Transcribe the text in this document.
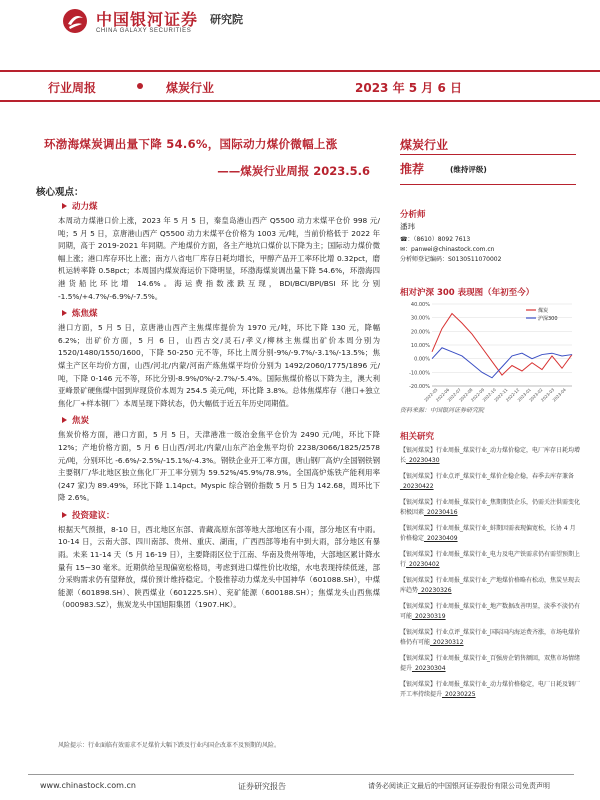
中国银河证券 研究院
CHINA GALAXY SECURITIES
行业周报	煤炭行业	2023 年 5 月 6 日
环渤海煤炭调出量下降 54.6%，国际动力煤价微幅上涨
——煤炭行业周报 2023.5.6
核心观点：
动力煤
本周动力煤港口价上涨，2023 年 5 月 5 日，秦皇岛港山西产 Q5500 动力末煤平仓价 998 元/吨；5 月 5 日，京唐港山西产 Q5500 动力末煤平仓价格为 1003 元/吨，当前价格低于 2022 年同期，高于 2019-2021 年同期。产地煤价方面，各主产地坑口煤价以下降为主；国际动力煤价微幅上涨；港口库存环比上涨；南方八省电厂库存日耗均增长，甲醇产品开工率环比增 0.32pct，磨机运转率降 0.58pct；本周国内煤炭海运价下降明显，环渤海煤炭调出量下降 54.6%，环渤海四港货船比环比增 14.6%。海运费指数涨跌互现，BDI/BCI/BPI/BSI 环比分别 -1.5%/+4.7%/-6.9%/-7.5%。
炼焦煤
港口方面，5 月 5 日，京唐港山西产主焦煤库提价为 1970 元/吨，环比下降 130 元，降幅 6.2%；出矿价方面，5 月 6 日，山西古交/灵石/孝义/柳林主焦煤出矿价本周分别为 1520/1480/1550/1600，下降 50-250 元不等，环比上周分别-9%/-9.7%/-3.1%/-13.5%；焦煤主产区年均价方面，山西/河北/内蒙/河南产炼焦煤平均价分别为 1492/2060/1775/1896 元/吨，下降 0-146 元不等，环比分别-8.9%/0%/-2.7%/-5.4%。国际焦煤价格以下降为主，澳大利亚峰景矿硬焦煤中国到岸现货价本周为 254.5 美元/吨，环比降 3.8%。总体焦煤库存（港口+独立焦化厂+样本钢厂）本周呈现下降状态，仍大幅低于近五年历史同期值。
焦炭
焦炭价格方面，港口方面，5 月 5 日，天津港准一级冶金焦平仓价为 2490 元/吨，环比下降 12%；产地价格方面，5 月 6 日山西/河北/内蒙/山东产冶金焦平均价 2238/3066/1825/2578 元/吨，分别环比 -6.6%/-2.5%/-15.1%/-4.3%。钢铁企业开工率方面，唐山钢厂高炉/全国钢铁钢主要钢厂/华北地区独立焦化厂开工率分别为 59.52%/45.9%/78.9%。全国高炉炼铁产能利用率(247 家)为 89.49%，环比下降 1.14pct。Myspic 综合钢价指数 5 月 5 日为 142.68，周环比下降 2.6%。
投资建议：
根据天气预报，8-10 日，西北地区东部、青藏高原东部等地大部地区有小雨，部分地区有中雨。10-14 日，云南大部、四川南部、贵州、重庆、湖南，广西西部等地有中到大雨，部分地区有暴雨。未来 11-14 天（5 月 16-19 日），主要降雨区位于江南、华南及贵州等地，大部地区累计降水量有 15~30 毫米。近期供给呈现偏宽松格局，考虑到进口煤性价比收缩，水电表现持续低迷，部分采购需求仍有望释放，煤价预计维持稳定。个股推荐动力煤龙头中国神华（601088.SH），中煤能源（601898.SH）、陕西煤业（601225.SH）、兖矿能源（600188.SH）；焦煤龙头山西焦煤（000983.SZ），焦炭龙头中国旭阳集团（1907.HK）。
风险提示：行业面临有效需求不足煤价大幅下跌及行业内国企改革不及预期的风险。
煤炭行业
推荐	(维持评级)
分析师
潘玮
☎：（8610）8092 7613
✉：panwei@chinastock.com.cn
分析师登记编码：S0130511070002
相对沪深 300 表现图（年初至今）
40.00%
30.00%
20.00%
10.00%
0.00%
-10.00%
-20.00%
2022-05
2022-06
2022-07
2022-08
2022-09
2022-10
2022-11
2022-12
2023-01
2023-02
2023-03
2023-04
煤炭
沪深300
资料来源：中国银河证券研究院
相关研究
【银河煤炭】行业周报_煤炭行业_动力煤价稳定，电厂库存日耗均增长_20230430
【银河煤炭】行业点评_煤炭行业_煤价企稳企稳，春季去库存兼备_20230422
【银河煤炭】行业周报_煤炭行业_焦期期货企乐，仍需关注供需变化积极因素_20230416
【银河煤炭】行业周报_煤炭行业_蚌期因需表现偏宽松，长协 4 月价格稳定_20230409
【银河煤炭】行业周报_煤炭行业_电力及电产铁需求仍有需望预期上行_20230402
【银河煤炭】行业周报_煤炭行业_产地煤价格略有松动，焦炭呈现去库趋势_20230326
【银河煤炭】行业周报_煤炭行业_地产数据改善明显，淡季不淡仍有可能_20230319
【银河煤炭】行业点评_煤炭行业_国际国内海运费齐涨，市场电煤价格仍有可能_20230312
【银河煤炭】行业周报_煤炭行业_百强房企销售额回，双焦市场情绪提升_20230304
【银河煤炭】行业周报_煤炭行业_动力煤价格稳定，电厂日耗及钢厂开工率持续提升_20230225
www.chinastock.com.cn	证券研究报告	请务必阅读正文最后的中国银河证券股份有限公司免责声明
